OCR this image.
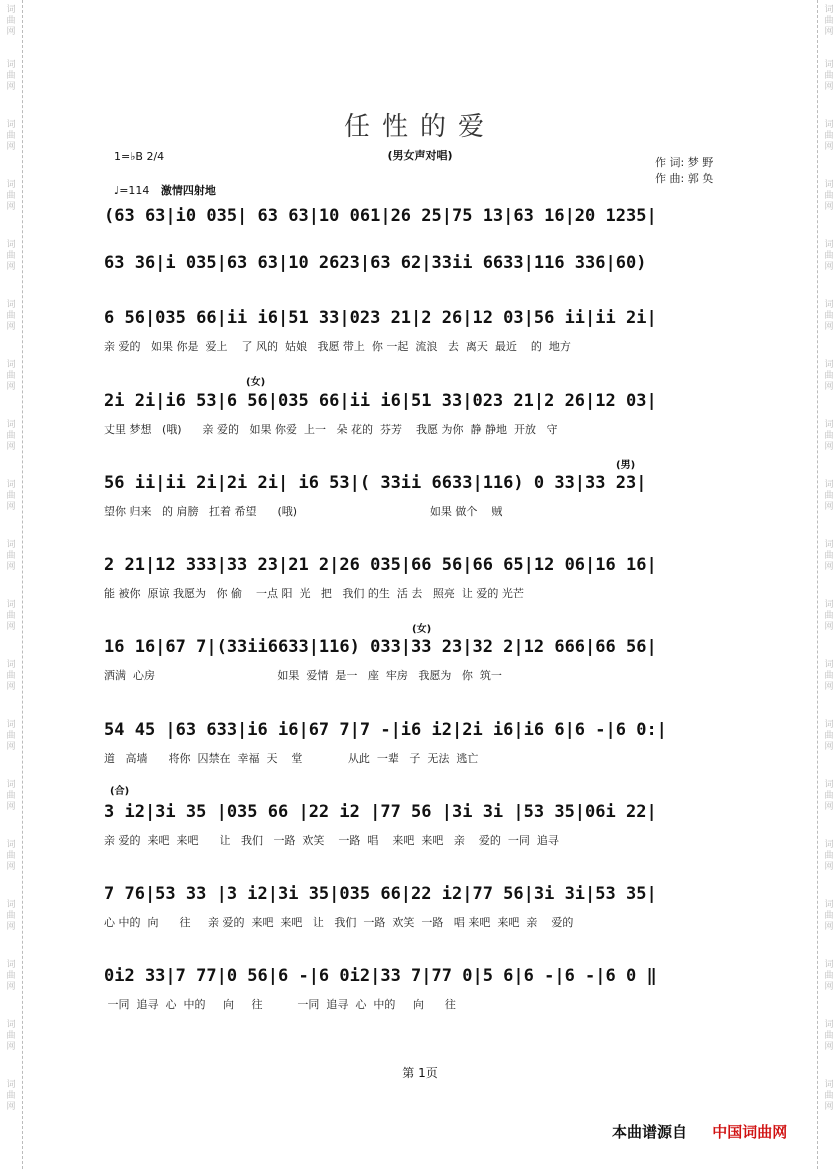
词曲网
词曲网
词曲网
词曲网
词曲网
词曲网
词曲网
词曲网
词曲网
词曲网
词曲网
词曲网
词曲网
词曲网
词曲网
词曲网
词曲网
词曲网
词曲网
词曲网
词曲网
词曲网
词曲网
词曲网
词曲网
词曲网
词曲网
词曲网
词曲网
词曲网
词曲网
词曲网
词曲网
词曲网
词曲网
词曲网
词曲网
词曲网
任性的爱
(男女声对唱)
作 词: 梦 野
作 曲: 郭 奂
1=♭B 2/4
♩=114 激情四射地
(女)
(男)
(女)
(合)
(63 63|i0 035| 63 63|10 061|26 25|75 13|63 16|20 1235|
63 36|i 035|63 63|10 2623|63 62|33ii 6633|116 336|60)
6 56|035 66|ii i6|51 33|023 21|2 26|12 03|56 ii|ii 2i|
亲 爱的   如果 你是  爱上    了 风的  姑娘   我愿 带上  你 一起  流浪   去  离天  最近    的  地方
2i 2i|i6 53|6 56|035 66|ii i6|51 33|023 21|2 26|12 03|
丈里 梦想   (哦)      亲 爱的   如果 你爱  上一   朵 花的  芬芳    我愿 为你  静 静地  开放   守
56 ii|ii 2i|2i 2i| i6 53|( 33ii 6633|116) 0 33|33 23|
望你 归来   的 肩膀   扛着 希望      (哦)                                      如果 做个    贼
2 21|12 333|33 23|21 2|26 035|66 56|66 65|12 06|16 16|
能 被你  原谅 我愿为   你 偷    一点 阳  光   把   我们 的生  活 去   照亮  让 爱的 光芒
16 16|67 7|(33ii6633|116) 033|33 23|32 2|12 666|66 56|
洒满  心房                                   如果  爱情  是一   座  牢房   我愿为   你  筑一
54 45 |63 633|i6 i6|67 7|7 -|i6 i2|2i i6|i6 6|6 -|6 0:|
道   高墙      将你  囚禁在  幸福  天    堂             从此  一辈   子  无法  逃亡
3 i2|3i 35 |035 66 |22 i2 |77 56 |3i 3i |53 35|06i 22|
亲 爱的  来吧  来吧      让   我们   一路  欢笑    一路  唱    来吧  来吧   亲    爱的  一同  追寻
7 76|53 33 |3 i2|3i 35|035 66|22 i2|77 56|3i 3i|53 35|
心 中的  向      往     亲 爱的  来吧  来吧   让   我们  一路  欢笑  一路   唱 来吧  来吧  亲    爱的
0i2 33|7 77|0 56|6 -|6 0i2|33 7|77 0|5 6|6 -|6 -|6 0 ‖
一同  追寻  心  中的     向     往          一同  追寻  心  中的     向      往
第 1页
本曲谱源自 中国词曲网
